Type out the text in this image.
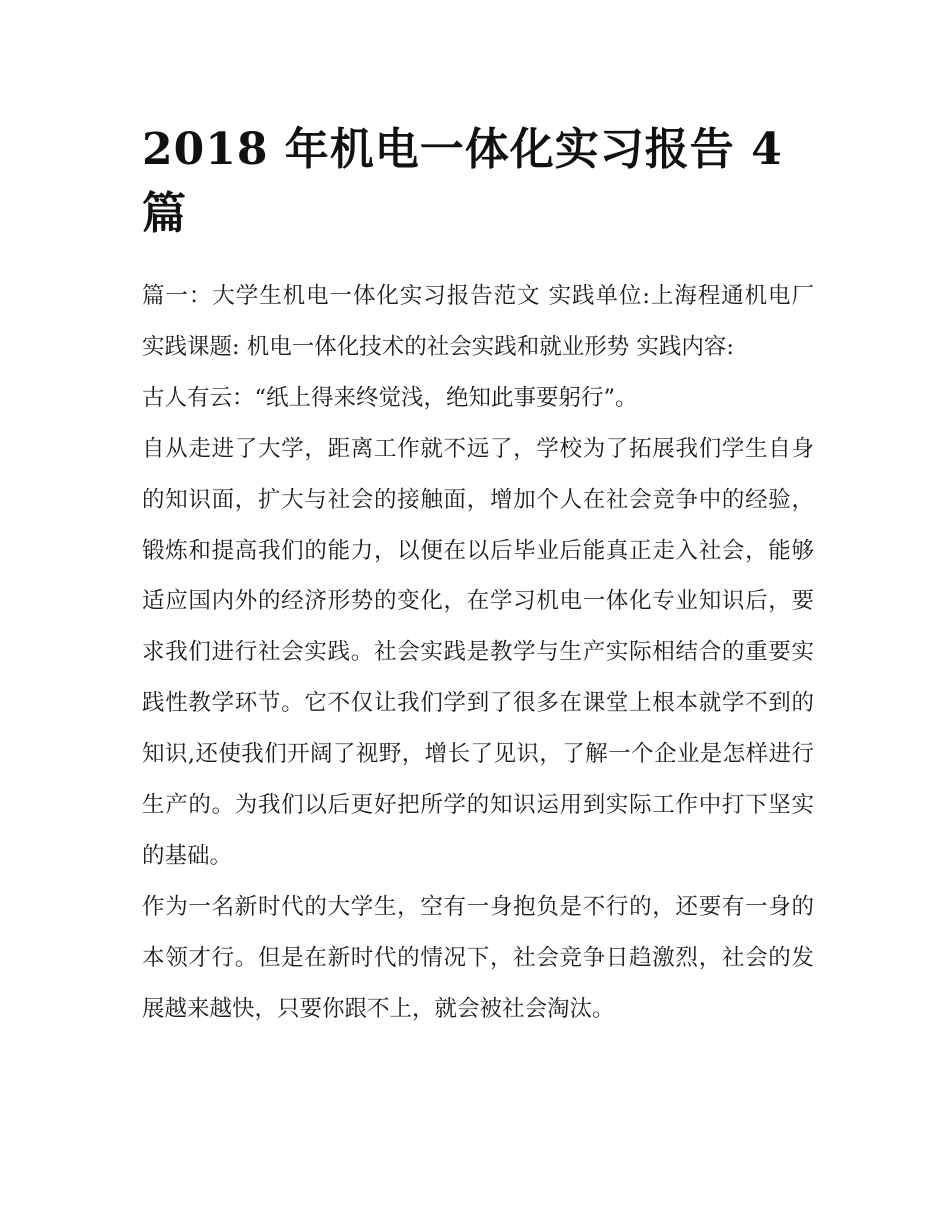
2018 年机电一体化实习报告 4 篇

篇一：大学生机电一体化实习报告范文 实践单位:上海程通机电厂 实践课题: 机电一体化技术的社会实践和就业形势 实践内容:

古人有云：“纸上得来终觉浅，绝知此事要躬行”。

自从走进了大学，距离工作就不远了，学校为了拓展我们学生自身的知识面，扩大与社会的接触面，增加个人在社会竞争中的经验，锻炼和提高我们的能力，以便在以后毕业后能真正走入社会，能够适应国内外的经济形势的变化，在学习机电一体化专业知识后，要求我们进行社会实践。社会实践是教学与生产实际相结合的重要实践性教学环节。它不仅让我们学到了很多在课堂上根本就学不到的知识,还使我们开阔了视野，增长了见识，了解一个企业是怎样进行生产的。为我们以后更好把所学的知识运用到实际工作中打下坚实的基础。

作为一名新时代的大学生，空有一身抱负是不行的，还要有一身的本领才行。但是在新时代的情况下，社会竞争日趋激烈，社会的发展越来越快，只要你跟不上，就会被社会淘汰。
